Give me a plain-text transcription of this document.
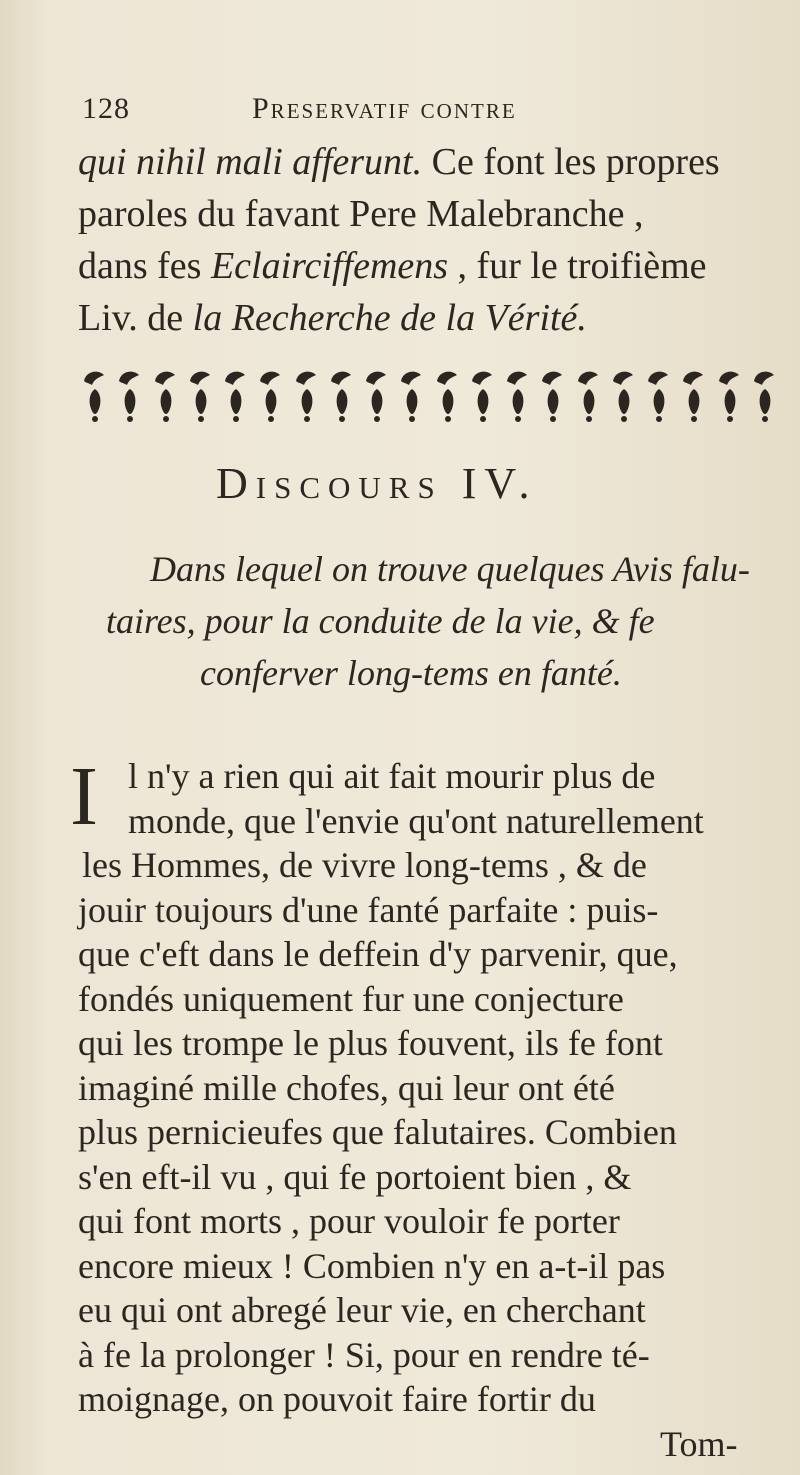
128	Preservatif contre
qui nihil mali afferunt. Ce font les propres
paroles du favant Pere Malebranche ,
dans fes Eclairciffemens , fur le troifième
Liv. de la Recherche de la Vérité.
Discours IV.
Dans lequel on trouve quelques Avis falu-
taires, pour la conduite de la vie, & fe
conferver long-tems en fanté.
I l n'y a rien qui ait fait mourir plus de
monde, que l'envie qu'ont naturellement
les Hommes, de vivre long-tems , & de
jouir toujours d'une fanté parfaite : puis-
que c'eft dans le deffein d'y parvenir, que,
fondés uniquement fur une conjecture
qui les trompe le plus fouvent, ils fe font
imaginé mille chofes, qui leur ont été
plus pernicieufes que falutaires. Combien
s'en eft-il vu , qui fe portoient bien , &
qui font morts , pour vouloir fe porter
encore mieux ! Combien n'y en a-t-il pas
eu qui ont abregé leur vie, en cherchant
Tom-
à fe la prolonger ! Si, pour en rendre té-
moignage, on pouvoit faire fortir du
